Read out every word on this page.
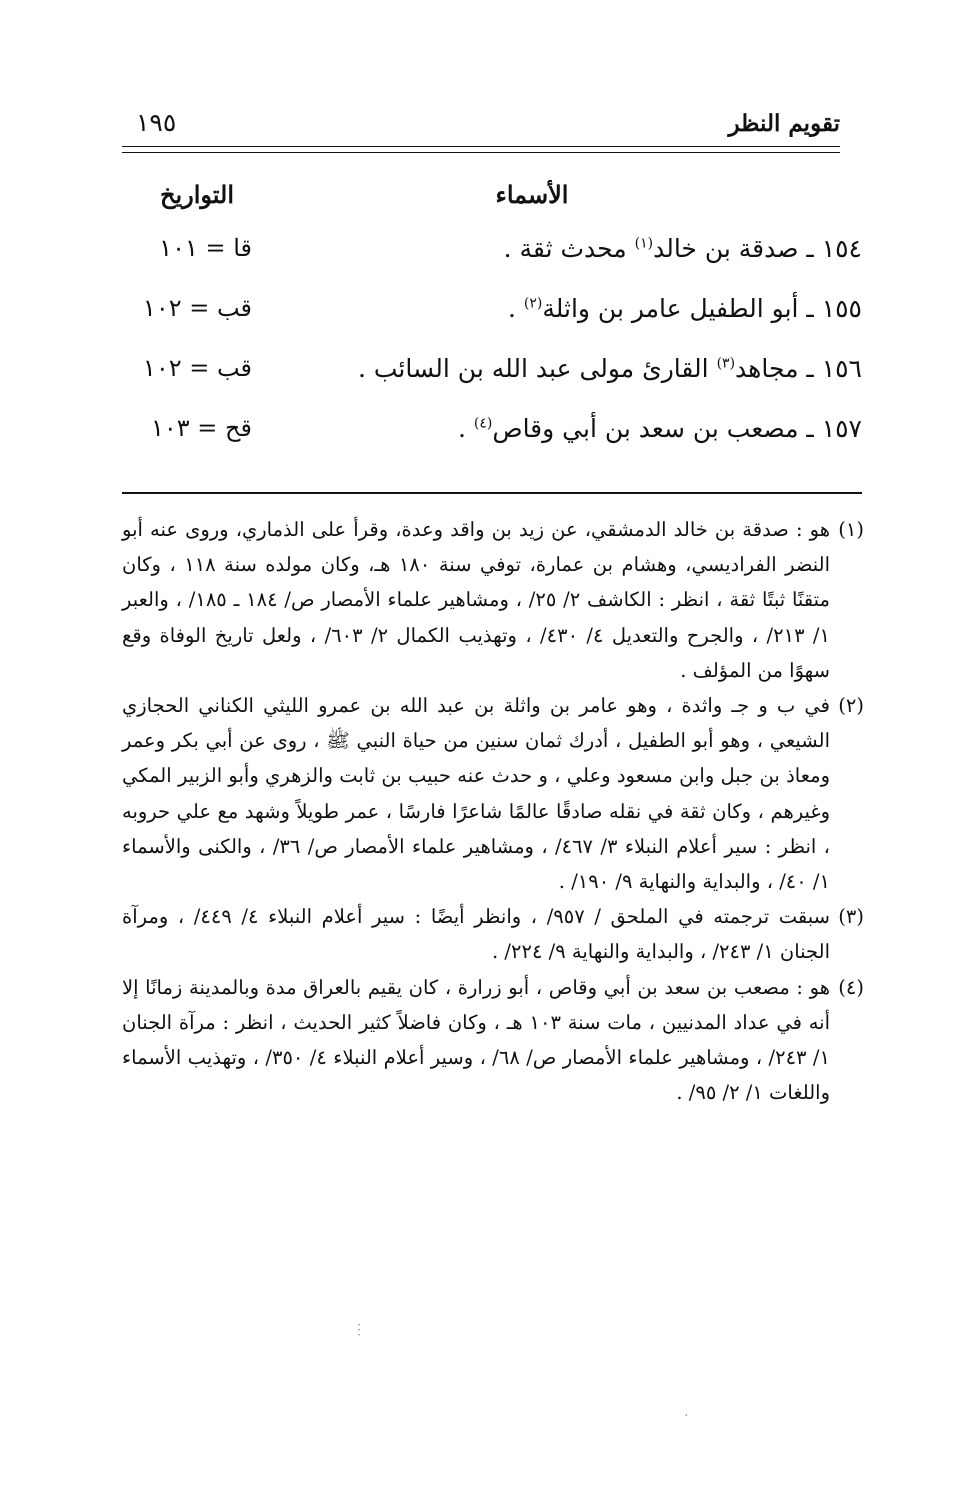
تقويم النظر
١٩٥
الأسماء
التواريخ
١٥٤ ـ صدقة بن خالد$^{(١)}$ محدث ثقة .
قا = ١٠١
١٥٥ ـ أبو الطفيل عامر بن واثلة$^{(٢)}$ .
قب = ١٠٢
١٥٦ ـ مجاهد$^{(٣)}$ القارئ مولى عبد الله بن السائب .
قب = ١٠٢
١٥٧ ـ مصعب بن سعد بن أبي وقاص$^{(٤)}$ .
قح = ١٠٣
(١)
هو : صدقة بن خالد الدمشقي، عن زيد بن واقد وعدة، وقرأ على الذماري، وروى عنه أبو النضر الفراديسي، وهشام بن عمارة، توفي سنة ١٨٠ هـ، وكان مولده سنة ١١٨ ، وكان متقنًا ثبتًا ثقة ، انظر : الكاشف ٢/ ٢٥/ ، ومشاهير علماء الأمصار ص/ ١٨٤ ـ ١٨٥/ ، والعبر ١/ ٢١٣/ ، والجرح والتعديل ٤/ ٤٣٠/ ، وتهذيب الكمال ٢/ ٦٠٣/ ، ولعل تاريخ الوفاة وقع سهوًا من المؤلف .
(٢)
في ب و جـ واثدة ، وهو عامر بن واثلة بن عبد الله بن عمرو الليثي الكناني الحجازي الشيعي ، وهو أبو الطفيل ، أدرك ثمان سنين من حياة النبي ﷺ ، روى عن أبي بكر وعمر ومعاذ بن جبل وابن مسعود وعلي ، و حدث عنه حبيب بن ثابت والزهري وأبو الزبير المكي وغيرهم ، وكان ثقة في نقله صادقًا عالمًا شاعرًا فارسًا ، عمر طويلاً وشهد مع علي حروبه ، انظر : سير أعلام النبلاء ٣/ ٤٦٧/ ، ومشاهير علماء الأمصار ص/ ٣٦/ ، والكنى والأسماء ١/ ٤٠/ ، والبداية والنهاية ٩/ ١٩٠/ .
(٣)
سبقت ترجمته في الملحق / ٩٥٧/ ، وانظر أيضًا : سير أعلام النبلاء ٤/ ٤٤٩/ ، ومرآة الجنان ١/ ٢٤٣/ ، والبداية والنهاية ٩/ ٢٢٤/ .
(٤)
هو : مصعب بن سعد بن أبي وقاص ، أبو زرارة ، كان يقيم بالعراق مدة وبالمدينة زمانًا إلا أنه في عداد المدنيين ، مات سنة ١٠٣ هـ ، وكان فاضلاً كثير الحديث ، انظر : مرآة الجنان ١/ ٢٤٣/ ، ومشاهير علماء الأمصار ص/ ٦٨/ ، وسير أعلام النبلاء ٤/ ٣٥٠/ ، وتهذيب الأسماء واللغات ١/ ٢/ ٩٥/ .
⋮
·
